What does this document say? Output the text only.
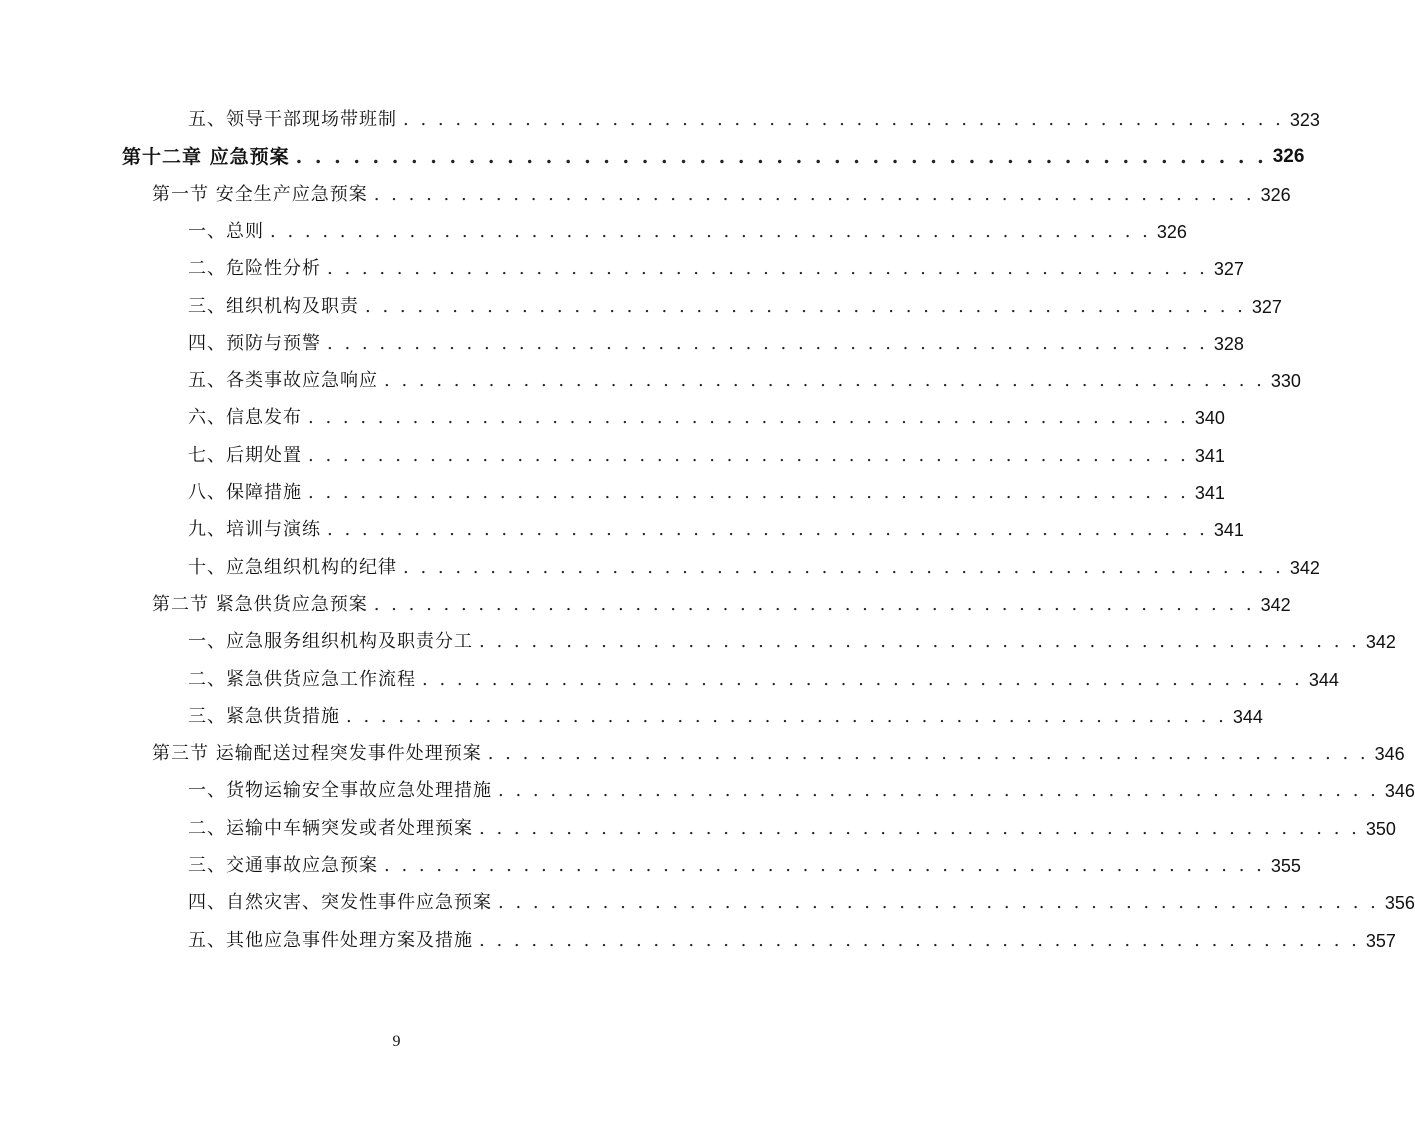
五、领导干部现场带班制 . . . . . . . . . . . . . . . . . . . . . . . . . . . . . . . . . . . . . . . . . . . . . . . . . . . 323
第十二章 应急预案 . . . . . . . . . . . . . . . . . . . . . . . . . . . . . . . . . . . . . . . . . . . . . . . . . . . 326
第一节 安全生产应急预案 . . . . . . . . . . . . . . . . . . . . . . . . . . . . . . . . . . . . . . . . . . . . . . . . . . . 326
一、总则 . . . . . . . . . . . . . . . . . . . . . . . . . . . . . . . . . . . . . . . . . . . . . . . . . . . 326
二、危险性分析 . . . . . . . . . . . . . . . . . . . . . . . . . . . . . . . . . . . . . . . . . . . . . . . . . . . 327
三、组织机构及职责 . . . . . . . . . . . . . . . . . . . . . . . . . . . . . . . . . . . . . . . . . . . . . . . . . . . 327
四、预防与预警 . . . . . . . . . . . . . . . . . . . . . . . . . . . . . . . . . . . . . . . . . . . . . . . . . . . 328
五、各类事故应急响应 . . . . . . . . . . . . . . . . . . . . . . . . . . . . . . . . . . . . . . . . . . . . . . . . . . . 330
六、信息发布 . . . . . . . . . . . . . . . . . . . . . . . . . . . . . . . . . . . . . . . . . . . . . . . . . . . 340
七、后期处置 . . . . . . . . . . . . . . . . . . . . . . . . . . . . . . . . . . . . . . . . . . . . . . . . . . . 341
八、保障措施 . . . . . . . . . . . . . . . . . . . . . . . . . . . . . . . . . . . . . . . . . . . . . . . . . . . 341
九、培训与演练 . . . . . . . . . . . . . . . . . . . . . . . . . . . . . . . . . . . . . . . . . . . . . . . . . . . 341
十、应急组织机构的纪律 . . . . . . . . . . . . . . . . . . . . . . . . . . . . . . . . . . . . . . . . . . . . . . . . . . . 342
第二节 紧急供货应急预案 . . . . . . . . . . . . . . . . . . . . . . . . . . . . . . . . . . . . . . . . . . . . . . . . . . . 342
一、应急服务组织机构及职责分工 . . . . . . . . . . . . . . . . . . . . . . . . . . . . . . . . . . . . . . . . . . . . . . . . . . . 342
二、紧急供货应急工作流程 . . . . . . . . . . . . . . . . . . . . . . . . . . . . . . . . . . . . . . . . . . . . . . . . . . . 344
三、紧急供货措施 . . . . . . . . . . . . . . . . . . . . . . . . . . . . . . . . . . . . . . . . . . . . . . . . . . . 344
第三节 运输配送过程突发事件处理预案 . . . . . . . . . . . . . . . . . . . . . . . . . . . . . . . . . . . . . . . . . . . . . . . . . . . 346
一、货物运输安全事故应急处理措施 . . . . . . . . . . . . . . . . . . . . . . . . . . . . . . . . . . . . . . . . . . . . . . . . . . . 346
二、运输中车辆突发或者处理预案 . . . . . . . . . . . . . . . . . . . . . . . . . . . . . . . . . . . . . . . . . . . . . . . . . . . 350
三、交通事故应急预案 . . . . . . . . . . . . . . . . . . . . . . . . . . . . . . . . . . . . . . . . . . . . . . . . . . . 355
四、自然灾害、突发性事件应急预案 . . . . . . . . . . . . . . . . . . . . . . . . . . . . . . . . . . . . . . . . . . . . . . . . . . . 356
五、其他应急事件处理方案及措施 . . . . . . . . . . . . . . . . . . . . . . . . . . . . . . . . . . . . . . . . . . . . . . . . . . . 357
9
